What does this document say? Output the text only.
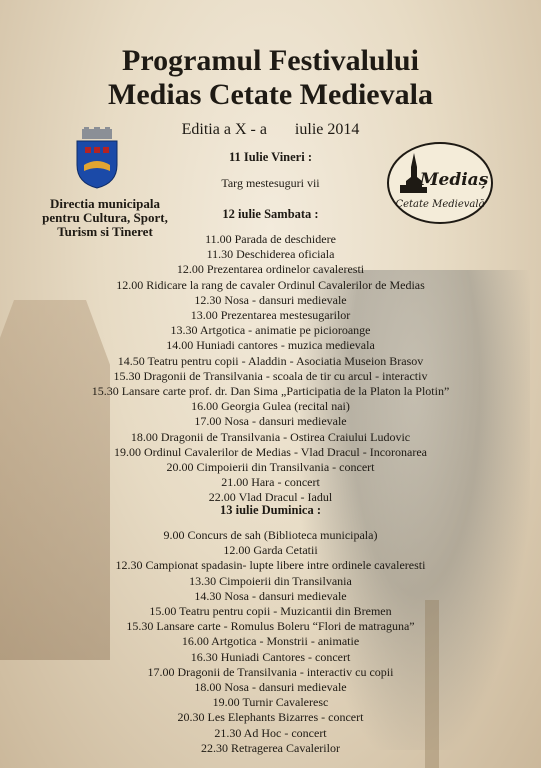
Programul Festivalului
Medias Cetate Medievala
Editia a X - a iulie 2014
Directia municipala
pentru Cultura, Sport,
Turism si Tineret
Mediaș
Cetate Medievală
11 Iulie Vineri :
Targ mestesuguri vii
12 iulie Sambata :
11.00 Parada de deschidere
11.30 Deschiderea oficiala
12.00 Prezentarea ordinelor cavaleresti
12.00 Ridicare la rang de cavaler Ordinul Cavalerilor de Medias
12.30 Nosa - dansuri medievale
13.00 Prezentarea mestesugarilor
13.30 Artgotica - animatie pe picioroange
14.00 Huniadi cantores - muzica medievala
14.50 Teatru pentru copii - Aladdin - Asociatia Museion Brasov
15.30 Dragonii de Transilvania - scoala de tir cu arcul - interactiv
15.30 Lansare carte prof. dr. Dan Sima „Participatia de la Platon la Plotin”
16.00 Georgia Gulea (recital nai)
17.00 Nosa - dansuri medievale
18.00 Dragonii de Transilvania - Ostirea Craiului Ludovic
19.00 Ordinul Cavalerilor de Medias - Vlad Dracul - Incoronarea
20.00 Cimpoierii din Transilvania - concert
21.00 Hara - concert
22.00 Vlad Dracul - Iadul
13 iulie Duminica :
9.00 Concurs de sah (Biblioteca municipala)
12.00 Garda Cetatii
12.30 Campionat spadasin- lupte libere intre ordinele cavaleresti
13.30 Cimpoierii din Transilvania
14.30 Nosa - dansuri medievale
15.00 Teatru pentru copii - Muzicantii din Bremen
15.30 Lansare carte - Romulus Boleru “Flori de matraguna”
16.00 Artgotica - Monstrii - animatie
16.30 Huniadi Cantores - concert
17.00 Dragonii de Transilvania - interactiv cu copii
18.00 Nosa - dansuri medievale
19.00 Turnir Cavaleresc
20.30 Les Elephants Bizarres - concert
21.30 Ad Hoc - concert
22.30 Retragerea Cavalerilor
